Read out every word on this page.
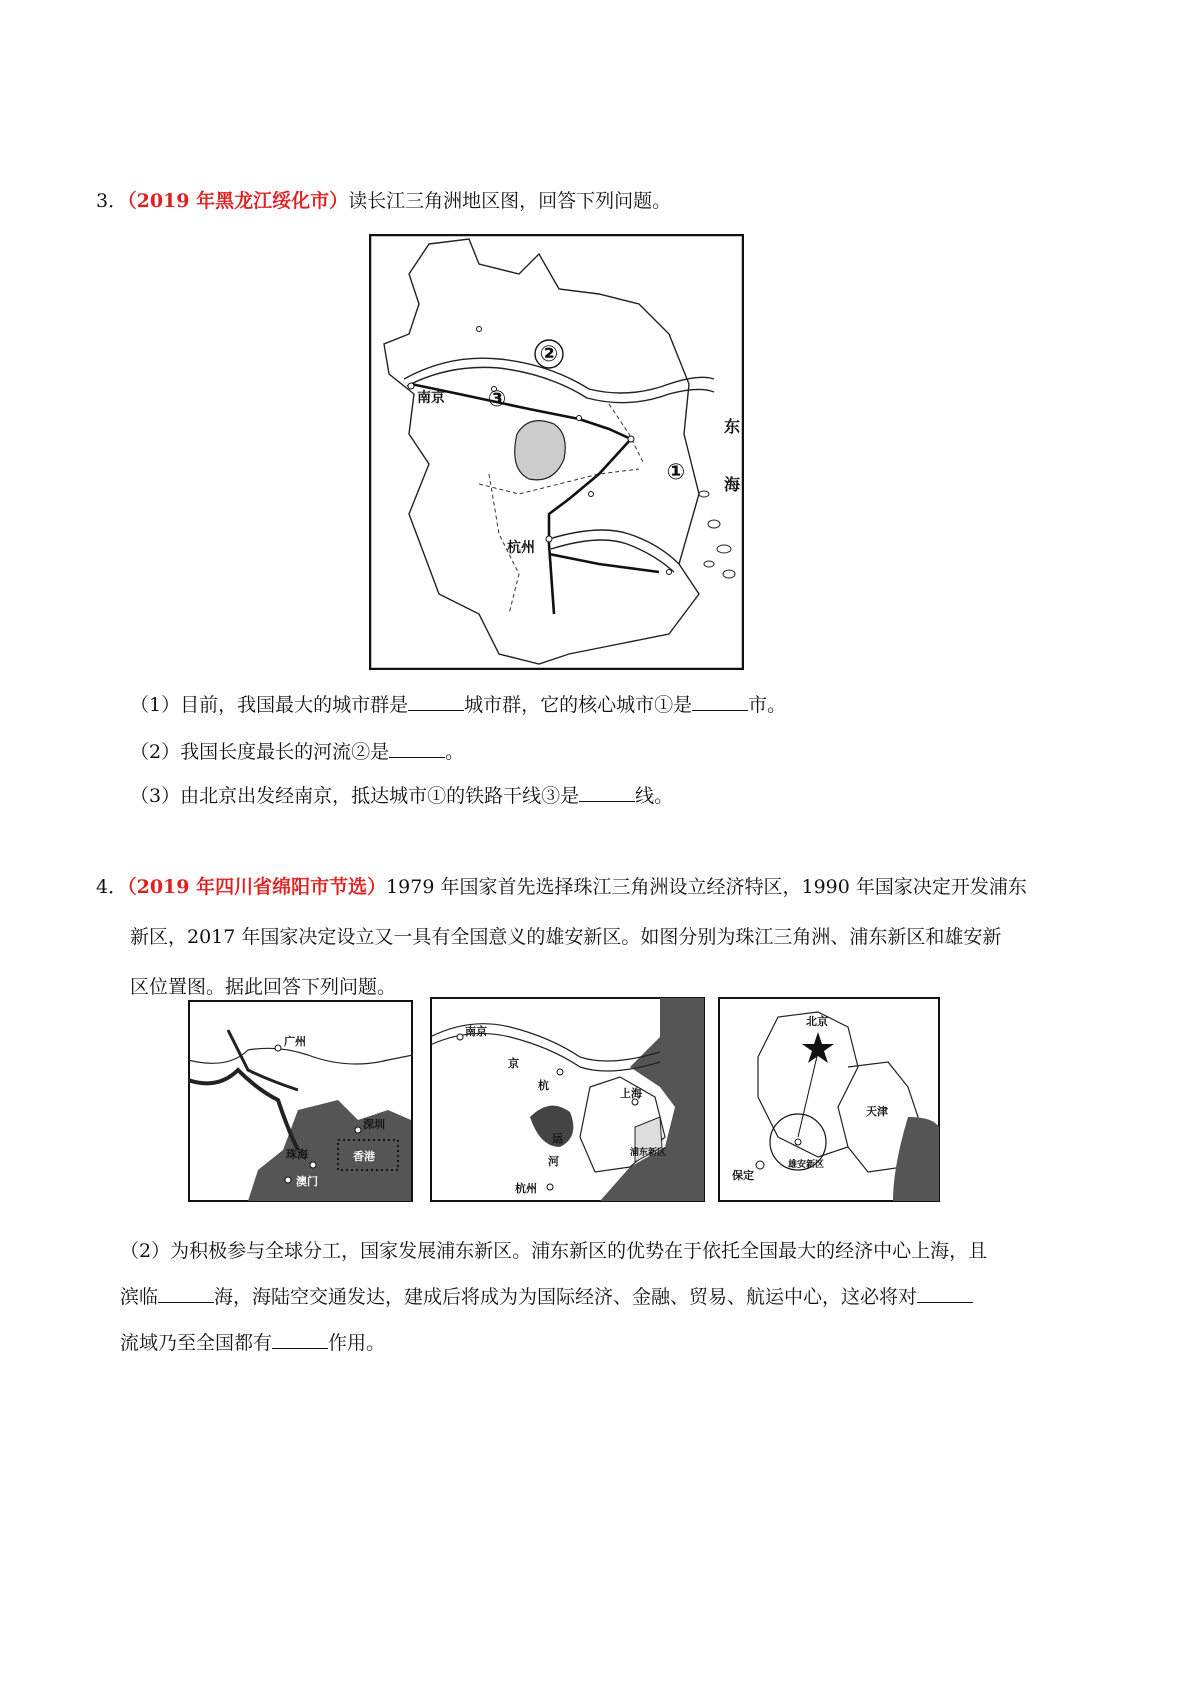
3．（2019 年黑龙江绥化市）读长江三角洲地区图，回答下列问题。
②
③
①
南京
杭州
东
海
（1）目前，我国最大的城市群是	城市群，它的核心城市①是	市。
（2）我国长度最长的河流②是	。
（3）由北京出发经南京，抵达城市①的铁路干线③是	线。
4．（2019 年四川省绵阳市节选）1979 年国家首先选择珠江三角洲设立经济特区，1990 年国家决定开发浦东
新区，2017 年国家决定设立又一具有全国意义的雄安新区。如图分别为珠江三角洲、浦东新区和雄安新
区位置图。据此回答下列问题。
广州
深圳
香港
珠海
澳门
南京
上海
杭州
京
杭
运
河
浦东新区
北京
天津
保定
雄安新区
（2）为积极参与全球分工，国家发展浦东新区。浦东新区的优势在于依托全国最大的经济中心上海，且
滨临	海，海陆空交通发达，建成后将成为为国际经济、金融、贸易、航运中心，这必将对
流域乃至全国都有	作用。
